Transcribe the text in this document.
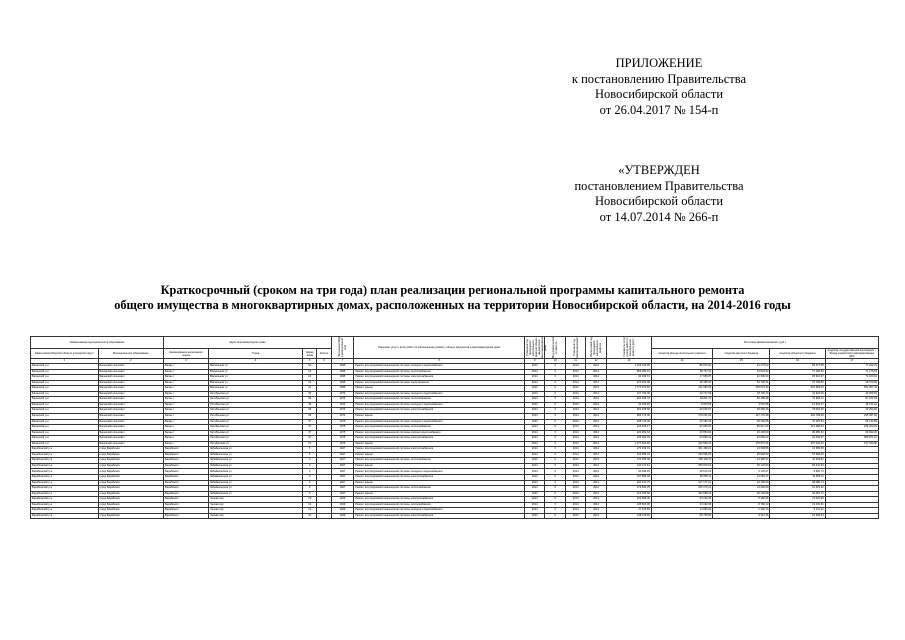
ПРИЛОЖЕНИЕ
к постановлению Правительства
Новосибирской области
от 26.04.2017 № 154-п
«УТВЕРЖДЕН
постановлением Правительства
Новосибирской области
от 14.07.2014 № 266-п
Краткосрочный (сроком на три года) план реализации региональной программы капитального ремонта
общего имущества в многоквартирных домах, расположенных на территории Новосибирской области, на 2014-2016 годы
Наименование муниципального образования		Адрес многоквартирного дома				Численный МКД в региональной сети	Перечень услуг и (или) работ по капитальному ремонту общего имущества в многоквартирном доме	Плановый год проведения капитального ремонта общего имущества в многоквартирном доме	Вид фактической стоимости	Плановый год финансирования	Фактический год проведения капитального ремонта	Стоимость услуг и (или) работ по капитальному ремонту (руб.)	Источники финансирования, (руб.)			
Район Новосибирской области (городской округ)	Муниципальное образование	Наименование населенного пункта	Улица	Номер дома	Корпус								средства фонда капитального ремонта	средства местного бюджета	средства областного бюджета	средства государственной корпорации – Фонда содействия реформированию ЖКХ
1	2	3	4	5	6	7	8	9	10	11	12	13	14	15	16	17
Баганский р-н	Баганский сельсовет	Баган с	Вокзальная ул	24		1995	Ремонт внутридомовой инженерной системы холодного водоснабжения	2014	0	2014	2014	1 316 130,00	85 972,94	21 173,02	69 377,65	77 222,21
Баганский р-н	Баганский сельсовет	Баган с	Вокзальная ул	24		1995	Ремонт внутридомовой инженерной системы теплоснабжения	2014	0	2014	2014	866 280,41	59 767,11	16 523,33	77 186,50	71 175,63
Баганский р-н	Баганский сельсовет	Баган с	Вокзальная ул	24		1995	Ремонт внутридомовой инженерной системы электроснабжения	2014	0	2014	2014	92 346,74	17 659,87	12 600,00	26 910,97	71 460,91
Баганский р-н	Баганский сельсовет	Баган с	Вокзальная ул	24		1995	Ремонт внутридомовой инженерной системы водоотведения	2014	0	2014	2014	274 464,00	48 435,32	50 796,41	70 796,83	69 379,90
Баганский р-н	Баганский сельсовет	Баган с	Вокзальная ул	24		1995	Ремонт крыши	2014	0	2014	2014	1 771 672,00	211 056,29	254 074,34	634 584,00	651 957,43
Баганский р-н	Баганский сельсовет	Баган с	Октябрьская ул	36		1974	Ремонт внутридомовой инженерной системы холодного водоснабжения	2014	0	2014	2014	127 760,00	23 717,69	18 746,74	31 922,06	49 369,81
Баганский р-н	Баганский сельсовет	Баган с	Октябрьская ул	36		1974	Ремонт внутридомовой инженерной системы теплоснабжения	2014	0	2014	2014	264 026,72	49 811,70	53 186,38	71 806,11	87 222,63
Баганский р-н	Баганский сельсовет	Баган с	Октябрьская ул	36		1974	Ремонт внутридомовой инженерной системы холодного водоснабжения	2014	0	2014	2014	44 165,26	8 370,66	4 531,58	12 522,37	18 741,10
Баганский р-н	Баганский сельсовет	Баган с	Октябрьская ул	36		1974	Ремонт внутридомовой инженерной системы электроснабжения	2014	0	2014	2014	261 225,60	40 015,07	39 284,16	78 062,39	43 250,02
Баганский р-н	Баганский сельсовет	Баган с	Октябрьская ул	36		1974	Ремонт крыши	2014	0	2014	2014	806 176,00	179 231,02	127 176,28	264 709,06	235 357,62
Баганский р-н	Баганский сельсовет	Баган с	Октябрьская ул	37		1975	Ремонт внутридомовой инженерной системы холодного водоснабжения	2014	0	2014	2014	248 710,00	40 182,16	39 192,25	70 187,54	66 142,89
Баганский р-н	Баганский сельсовет	Баган с	Октябрьская ул	37		1975	Ремонт внутридомовой инженерной системы теплоснабжения	2014	0	2014	2014	410 225,17	61 946,50	56 917,29	113 480,54	166 222,81
Баганский р-н	Баганский сельсовет	Баган с	Октябрьская ул	37		1975	Ремонт внутридомовой инженерной системы горячего водоснабжения	2014	0	2014	2014	220 052,64	43 654,64	46 193,09	96 486,64	63 492,20
Баганский р-н	Баганский сельсовет	Баган с	Октябрьская ул	37		1975	Ремонт внутридомовой инженерной системы электроснабжения	2014	0	2014	2014	105 002,03	64 650,12	42 059,22	32 230,97	280 871,16
Баганский р-н	Баганский сельсовет	Баган с	Октябрьская ул	37		1976	Ремонт крыши	2014	0	2014	2014	1 277 624,00	242 539,12	176 973,66	370 443,21	577 643,60
Барабинский р-н	город Барабинск	Барабинск г	Забайкальская ул	5		1927	Ремонт внутридомовой инженерной системы электроснабжения	2014	0	2014	2014	170 919,01	101 499,21	14 093,56	31 386,60	
Барабинский р-н	город Барабинск	Барабинск г	Забайкальская ул	5		1927	Ремонт крыши	2014	0	2014	2014	310 666,31	193 005,00	25 918,22	57 668,39	
Барабинский р-н	город Барабинск	Барабинск г	Забайкальская ул	4		1927	Ремонт внутридомовой инженерной системы теплоснабжения	2014	0	2014	2014	170 356,00	105 118,70	14 366,47	31 309,61	
Барабинский р-н	город Барабинск	Барабинск г	Забайкальская ул	4		1927	Ремонт крыши	2014	0	2014	2014	413 117,61	256 570,01	36 122,69	96 442,94	
Барабинский р-н	город Барабинск	Барабинск г	Забайкальская ул	3		1927	Ремонт внутридомовой инженерной системы холодного водоснабжения	2014	0	2014	2014	40 495,36	28 672,26	3 125,37	8 826,73	
Барабинский р-н	город Барабинск	Барабинск г	Забайкальская ул	3		1927	Ремонт внутридомовой инженерной системы электроснабжения	2014	0	2014	2014	107 890,00	65 055,11	12 081,27	32 956,11	
Барабинский р-н	город Барабинск	Барабинск г	Забайкальская ул	5		1927	Ремонт крыши	2014	0	2014	2014	204 131,76	127 177,01	22 796,29	68 086,74	
Барабинский р-н	город Барабинск	Барабинск г	Забайкальская ул	6		1927	Ремонт внутридомовой инженерной системы теплоснабжения	2014	0	2014	2014	179 682,25	105 173,14	14 262,09	31 523,32	
Барабинский р-н	город Барабинск	Барабинск г	Забайкальская ул	6		1927	Ремонт крыши	2014	0	2014	2014	312 256,60	192 698,19	26 133,69	94 054,71	
Барабинский р-н	город Барабинск	Барабинск г	Чехова пер	10		1929	Ремонт внутридомовой инженерной системы электроснабжения	2014	0	2014	2014	164 508,30	64 102,35	8 182,95	21 022,99	
Барабинский р-н	город Барабинск	Барабинск г	Чехова пер	10		1929	Ремонт внутридомовой инженерной системы теплоснабжения	2014	0	2014	2014	105 501,06	64 192,09	8 782,13	21 030,61	
Барабинский р-н	город Барабинск	Барабинск г	Чехова пер	10		1929	Ремонт внутридомовой инженерной системы холодного водоснабжения	2014	0	2014	2014	27 125,69	14 960,92	2 292,74	5 131,12	
Барабинский р-н	город Барабинск	Барабинск г	Чехова пер	10		1929	Ремонт внутридомовой инженерной системы электроснабжения	2014	0	2014	2014	108 115,00	65 705,50	9 011,16	23 398,34	
